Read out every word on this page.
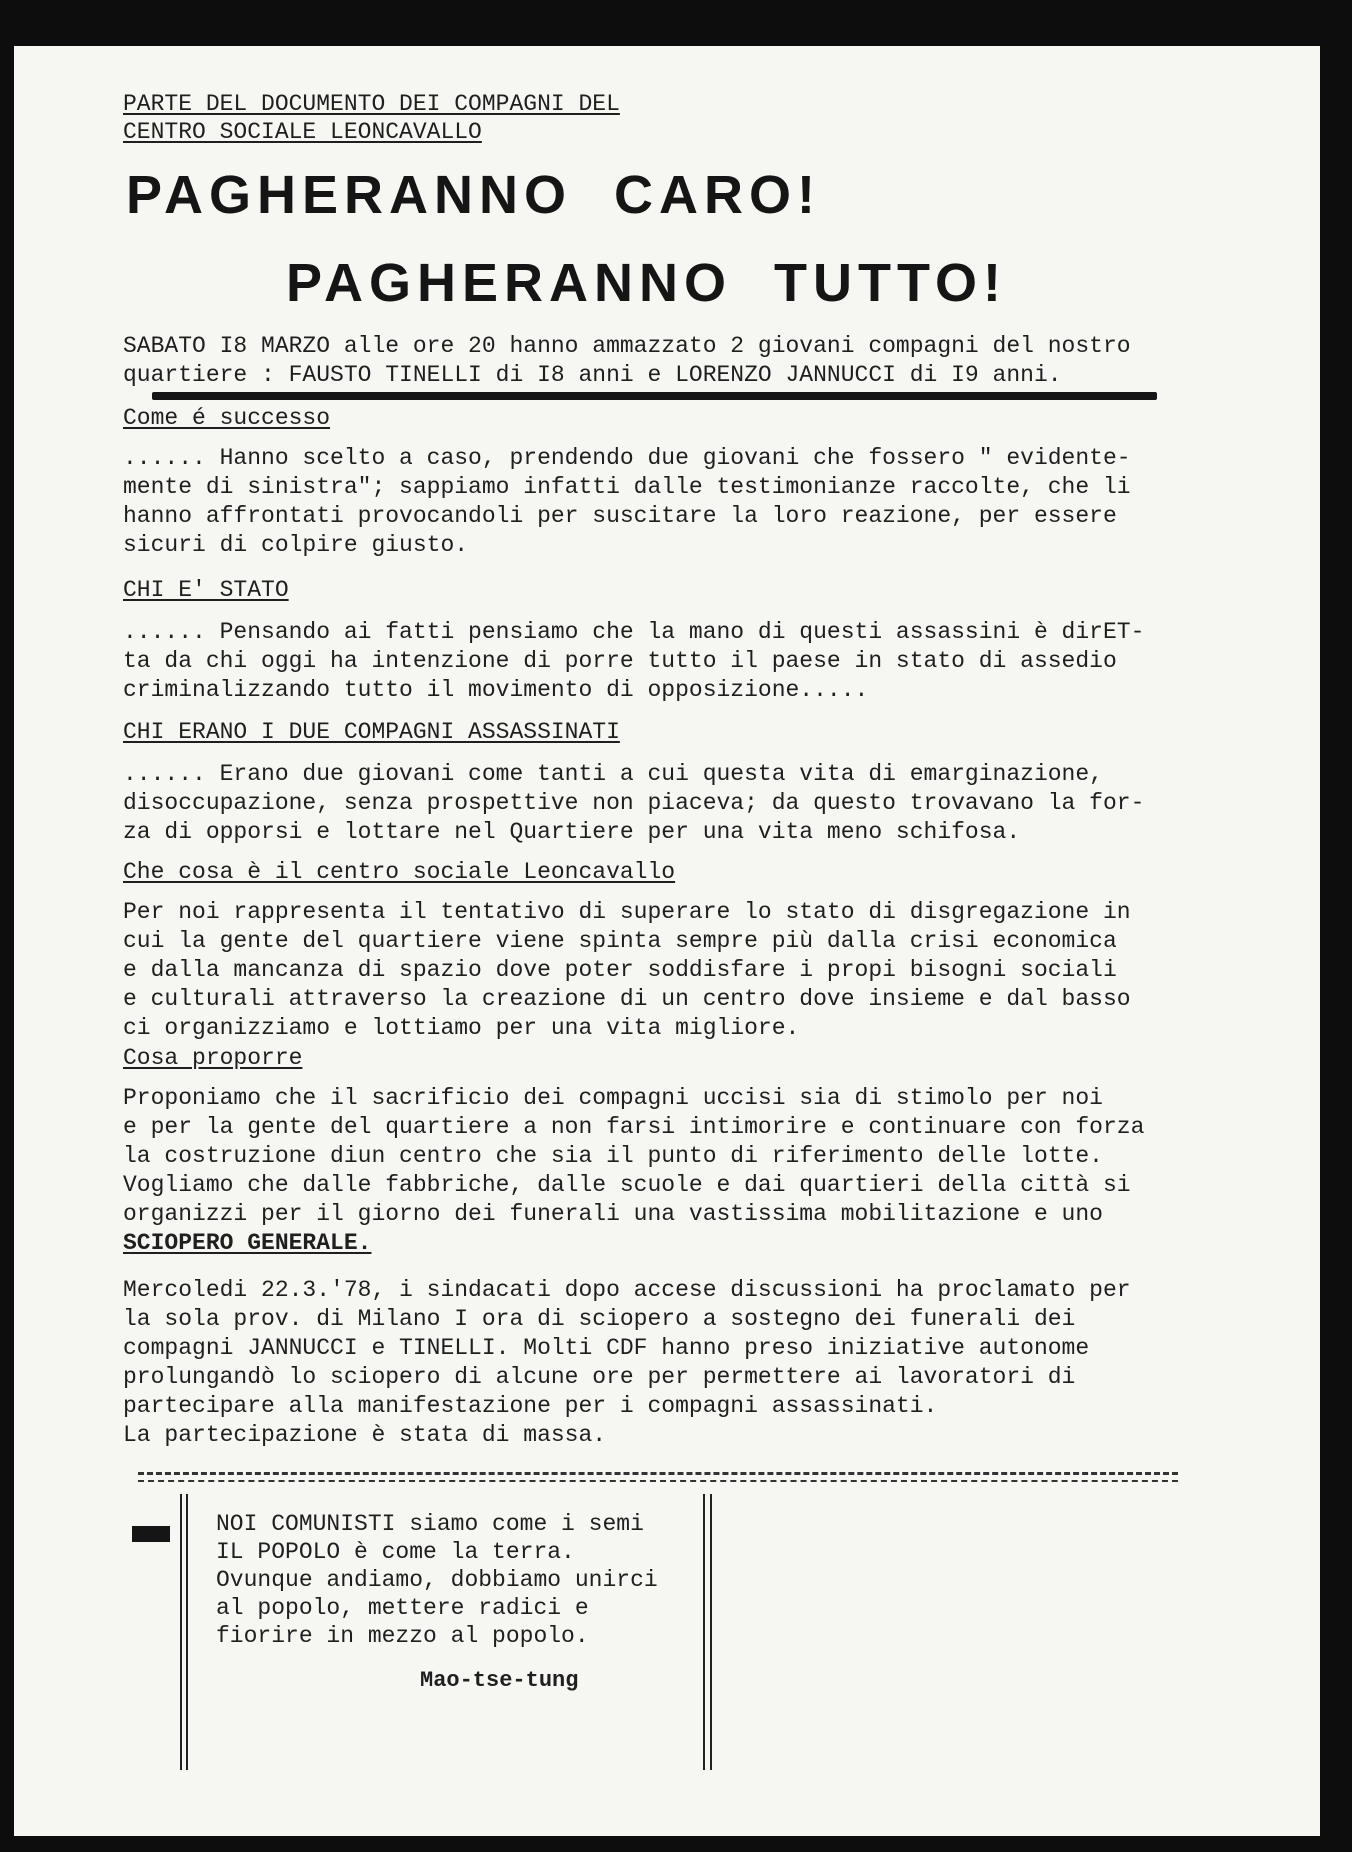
PARTE DEL DOCUMENTO DEI COMPAGNI DEL
CENTRO SOCIALE LEONCAVALLO
PAGHERANNO  CARO!
PAGHERANNO  TUTTO!
SABATO I8 MARZO alle ore 20 hanno ammazzato 2 giovani compagni del nostro
quartiere : FAUSTO TINELLI di I8 anni e LORENZO JANNUCCI di I9 anni.
Come é successo
...... Hanno scelto a caso, prendendo due giovani che fossero " evidente-
mente di sinistra"; sappiamo infatti dalle testimonianze raccolte, che li
hanno affrontati provocandoli per suscitare la loro reazione, per essere
sicuri di colpire giusto.
CHI E' STATO
...... Pensando ai fatti pensiamo che la mano di questi assassini è dirET-
ta da chi oggi ha intenzione di porre tutto il paese in stato di assedio
criminalizzando tutto il movimento di opposizione.....
CHI ERANO I DUE COMPAGNI ASSASSINATI
...... Erano due giovani come tanti a cui questa vita di emarginazione,
disoccupazione, senza prospettive non piaceva; da questo trovavano la for-
za di opporsi e lottare nel Quartiere per una vita meno schifosa.
Che cosa è il centro sociale Leoncavallo
Per noi rappresenta il tentativo di superare lo stato di disgregazione in
cui la gente del quartiere viene spinta sempre più dalla crisi economica
e dalla mancanza di spazio dove poter soddisfare i propi bisogni sociali
e culturali attraverso la creazione di un centro dove insieme e dal basso
ci organizziamo e lottiamo per una vita migliore.
Cosa proporre
Proponiamo che il sacrificio dei compagni uccisi sia di stimolo per noi
e per la gente del quartiere a non farsi intimorire e continuare con forza
la costruzione diun centro che sia il punto di riferimento delle lotte.
Vogliamo che dalle fabbriche, dalle scuole e dai quartieri della città si
organizzi per il giorno dei funerali una vastissima mobilitazione e uno
SCIOPERO GENERALE.
Mercoledi 22.3.'78, i sindacati dopo accese discussioni ha proclamato per
la sola prov. di Milano I ora di sciopero a sostegno dei funerali dei
compagni JANNUCCI e TINELLI. Molti CDF hanno preso iniziative autonome
prolungandò lo sciopero di alcune ore per permettere ai lavoratori di
partecipare alla manifestazione per i compagni assassinati.
La partecipazione è stata di massa.
NOI COMUNISTI siamo come i semi
IL POPOLO è come la terra.
Ovunque andiamo, dobbiamo unirci
al popolo, mettere radici e
fiorire in mezzo al popolo.
Mao-tse-tung
